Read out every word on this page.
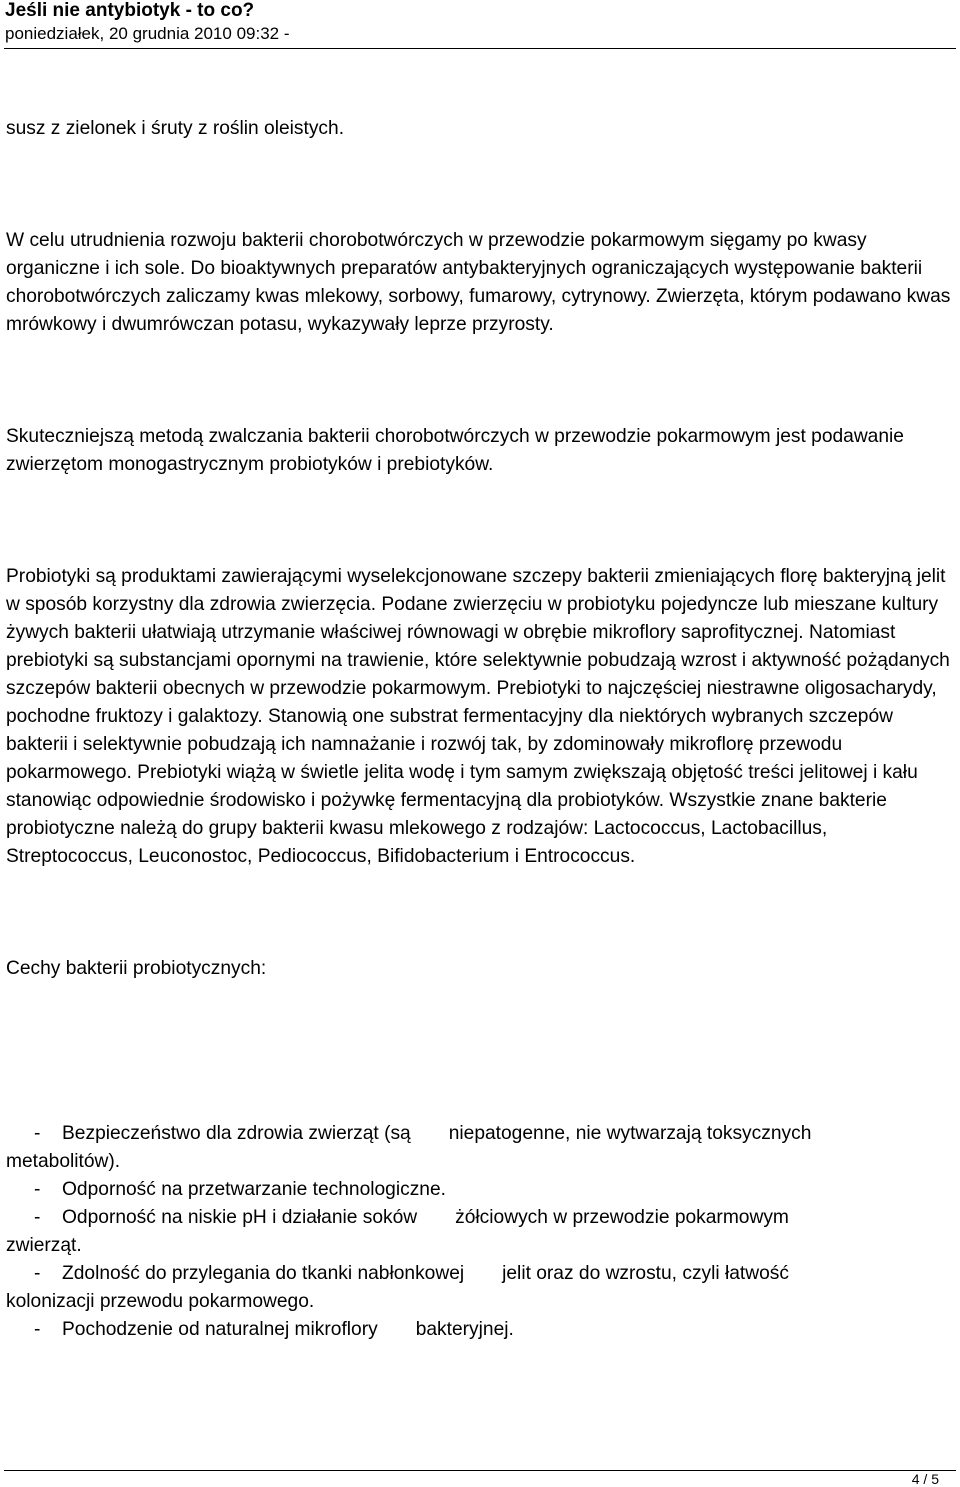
Jeśli nie antybiotyk - to co?

poniedziałek, 20 grudnia 2010 09:32 -

susz z zielonek i śruty z roślin oleistych.

W celu utrudnienia rozwoju bakterii chorobotwórczych w przewodzie pokarmowym sięgamy po kwasy organiczne i ich sole. Do bioaktywnych preparatów antybakteryjnych ograniczających występowanie bakterii chorobotwórczych zaliczamy kwas mlekowy, sorbowy, fumarowy, cytrynowy. Zwierzęta, którym podawano kwas mrówkowy i dwumrówczan potasu, wykazywały leprze przyrosty.

Skuteczniejszą metodą zwalczania bakterii chorobotwórczych w przewodzie pokarmowym jest podawanie zwierzętom monogastrycznym probiotyków i prebiotyków.

Probiotyki są produktami zawierającymi wyselekcjonowane szczepy bakterii zmieniających florę bakteryjną jelit w sposób korzystny dla zdrowia zwierzęcia. Podane zwierzęciu w probiotyku pojedyncze lub mieszane kultury żywych bakterii ułatwiają utrzymanie właściwej równowagi w obrębie mikroflory saprofitycznej. Natomiast prebiotyki są substancjami opornymi na trawienie, które selektywnie pobudzają wzrost i aktywność pożądanych szczepów bakterii obecnych w przewodzie pokarmowym. Prebiotyki to najczęściej niestrawne oligosacharydy, pochodne fruktozy i galaktozy. Stanowią one substrat fermentacyjny dla niektórych wybranych szczepów bakterii i selektywnie pobudzają ich namnażanie i rozwój tak, by zdominowały mikroflorę przewodu pokarmowego. Prebiotyki wiążą w świetle jelita wodę i tym samym zwiększają objętość treści jelitowej i kału stanowiąc odpowiednie środowisko i pożywkę fermentacyjną dla probiotyków. Wszystkie znane bakterie probiotyczne należą do grupy bakterii kwasu mlekowego z rodzajów: Lactococcus, Lactobacillus, Streptococcus, Leuconostoc, Pediococcus, Bifidobacterium i Entrococcus.

Cechy bakterii probiotycznych:

- Bezpieczeństwo dla zdrowia zwierząt (są niepatogenne, nie wytwarzają toksycznych
metabolitów).
- Odporność na przetwarzanie technologiczne.
- Odporność na niskie pH i działanie soków żółciowych w przewodzie pokarmowym
zwierząt.
- Zdolność do przylegania do tkanki nabłonkowej jelit oraz do wzrostu, czyli łatwość
kolonizacji przewodu pokarmowego.
- Pochodzenie od naturalnej mikroflory bakteryjnej.
4 / 5
